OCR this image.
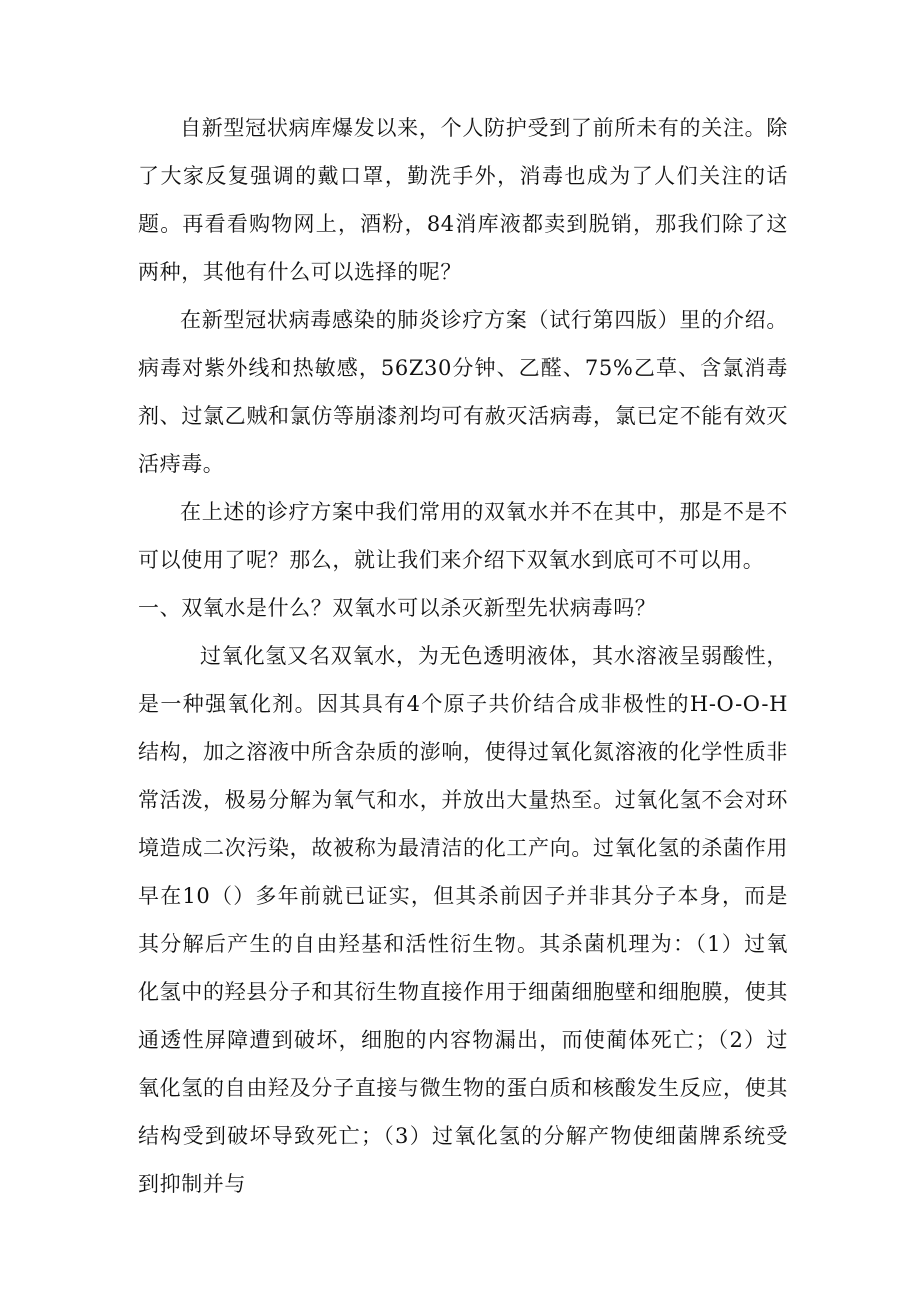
自新型冠状病库爆发以来，个人防护受到了前所未有的关注。除了大家反复强调的戴口罩，勤洗手外，消毒也成为了人们关注的话题。再看看购物网上，酒粉，84消库液都卖到脱销，那我们除了这两种，其他有什么可以选择的呢？

在新型冠状病毒感染的肺炎诊疗方案（试行第四版）里的介绍。病毒对紫外线和热敏感，56Z30分钟、乙醛、75%乙草、含氯消毒剂、过氯乙贼和氯仿等崩漆剂均可有赦灭活病毒，氯已定不能有效灭活痔毒。

在上述的诊疗方案中我们常用的双氧水并不在其中，那是不是不可以使用了呢？那么，就让我们来介绍下双氧水到底可不可以用。

一、双氧水是什么？双氧水可以杀灭新型先状病毒吗？

过氧化氢又名双氧水，为无色透明液体，其水溶液呈弱酸性，是一种强氧化剂。因其具有4个原子共价结合成非极性的H-O-O-H结构，加之溶液中所含杂质的澎响，使得过氧化氮溶液的化学性质非常活泼，极易分解为氧气和水，并放出大量热至。过氧化氢不会对环境造成二次污染，故被称为最清洁的化工产向。过氧化氢的杀菌作用早在10（）多年前就已证实，但其杀前因子并非其分子本身，而是其分解后产生的自由羟基和活性衍生物。其杀菌机理为：（1）过氧化氢中的羟县分子和其衍生物直接作用于细菌细胞壁和细胞膜，使其通透性屏障遭到破坏，细胞的内容物漏出，而使蔺体死亡；（2）过氧化氢的自由羟及分子直接与微生物的蛋白质和核酸发生反应，使其结构受到破坏导致死亡；（3）过氧化氢的分解产物使细菌牌系统受到抑制并与
